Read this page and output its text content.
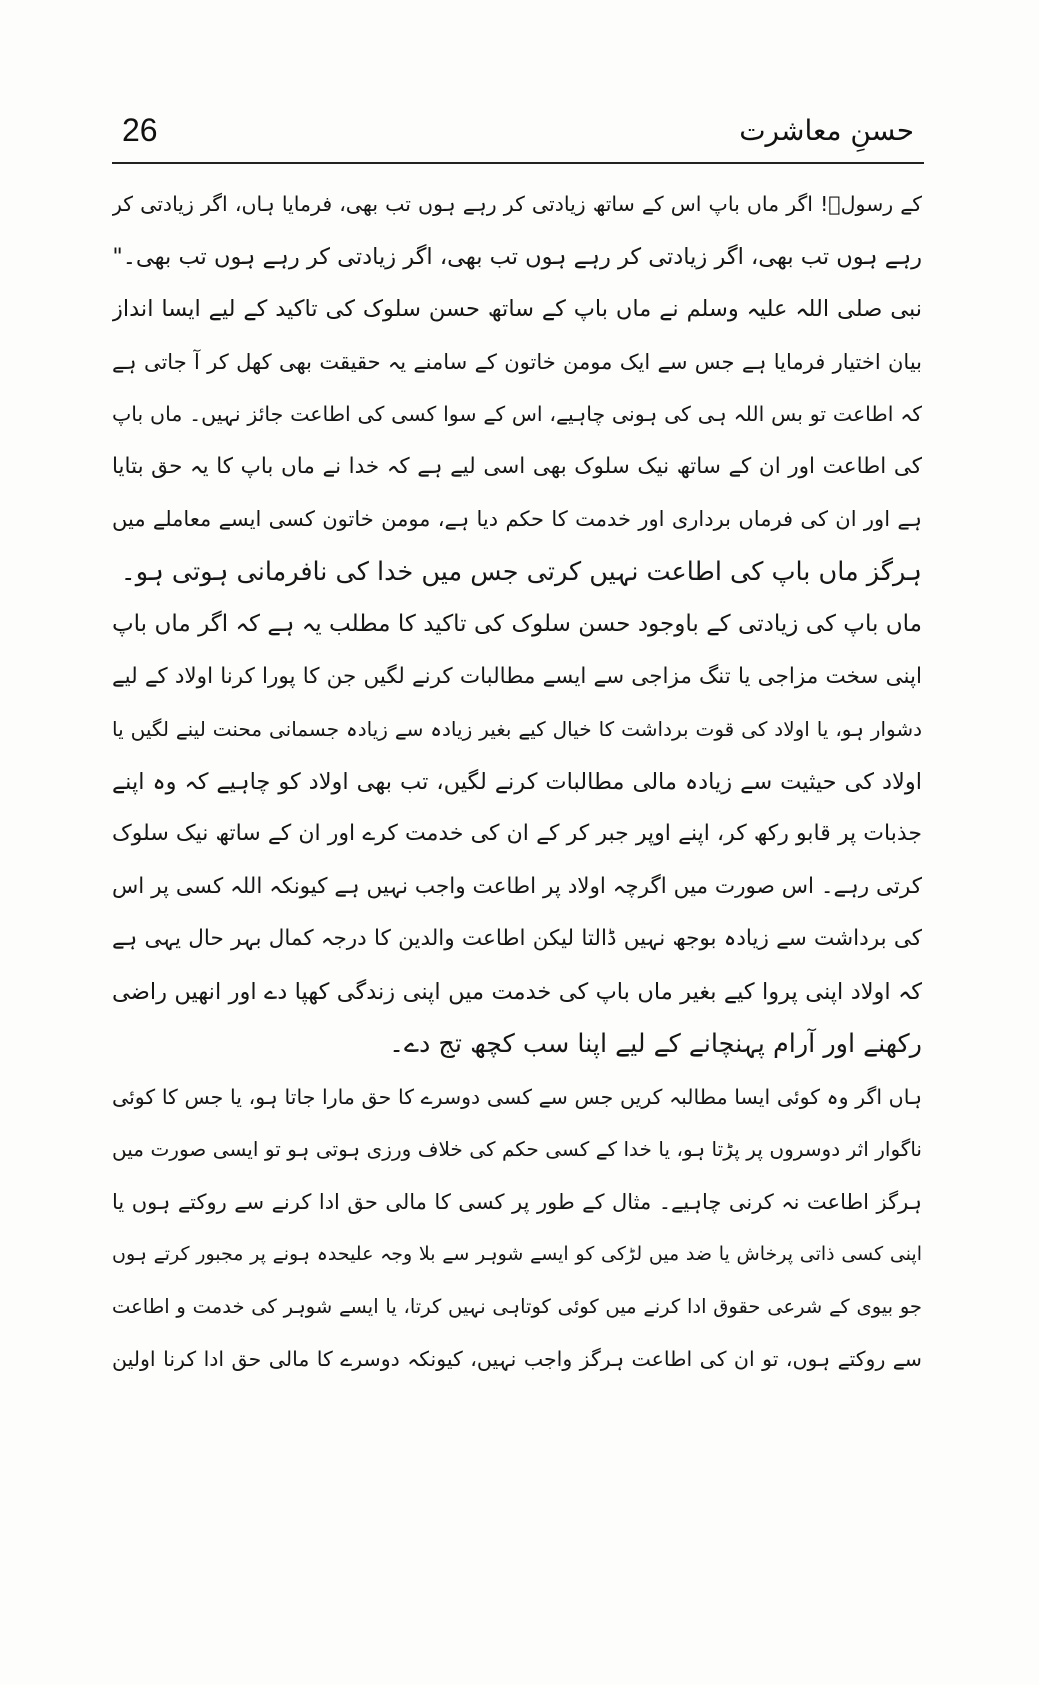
26	حسنِ معاشرت
کے رسولؐ! اگر ماں باپ اس کے ساتھ زیادتی کر رہے ہوں تب بھی، فرمایا ہاں، اگر زیادتی کر
رہے ہوں تب بھی، اگر زیادتی کر رہے ہوں تب بھی، اگر زیادتی کر رہے ہوں تب بھی۔"
نبی صلی اللہ علیہ وسلم نے ماں باپ کے ساتھ حسن سلوک کی تاکید کے لیے ایسا انداز
بیان اختیار فرمایا ہے جس سے ایک مومن خاتون کے سامنے یہ حقیقت بھی کھل کر آ جاتی ہے
کہ اطاعت تو بس اللہ ہی کی ہونی چاہیے، اس کے سوا کسی کی اطاعت جائز نہیں۔ ماں باپ
کی اطاعت اور ان کے ساتھ نیک سلوک بھی اسی لیے ہے کہ خدا نے ماں باپ کا یہ حق بتایا
ہے اور ان کی فرماں برداری اور خدمت کا حکم دیا ہے، مومن خاتون کسی ایسے معاملے میں
ہرگز ماں باپ کی اطاعت نہیں کرتی جس میں خدا کی نافرمانی ہوتی ہو۔
ماں باپ کی زیادتی کے باوجود حسن سلوک کی تاکید کا مطلب یہ ہے کہ اگر ماں باپ
اپنی سخت مزاجی یا تنگ مزاجی سے ایسے مطالبات کرنے لگیں جن کا پورا کرنا اولاد کے لیے
دشوار ہو، یا اولاد کی قوت برداشت کا خیال کیے بغیر زیادہ سے زیادہ جسمانی محنت لینے لگیں یا
اولاد کی حیثیت سے زیادہ مالی مطالبات کرنے لگیں، تب بھی اولاد کو چاہیے کہ وہ اپنے
جذبات پر قابو رکھ کر، اپنے اوپر جبر کر کے ان کی خدمت کرے اور ان کے ساتھ نیک سلوک
کرتی رہے۔ اس صورت میں اگرچہ اولاد پر اطاعت واجب نہیں ہے کیونکہ اللہ کسی پر اس
کی برداشت سے زیادہ بوجھ نہیں ڈالتا لیکن اطاعت والدین کا درجہ کمال بہر حال یہی ہے
کہ اولاد اپنی پروا کیے بغیر ماں باپ کی خدمت میں اپنی زندگی کھپا دے اور انھیں راضی
رکھنے اور آرام پہنچانے کے لیے اپنا سب کچھ تج دے۔
ہاں اگر وہ کوئی ایسا مطالبہ کریں جس سے کسی دوسرے کا حق مارا جاتا ہو، یا جس کا کوئی
ناگوار اثر دوسروں پر پڑتا ہو، یا خدا کے کسی حکم کی خلاف ورزی ہوتی ہو تو ایسی صورت میں
ہرگز اطاعت نہ کرنی چاہیے۔ مثال کے طور پر کسی کا مالی حق ادا کرنے سے روکتے ہوں یا
اپنی کسی ذاتی پرخاش یا ضد میں لڑکی کو ایسے شوہر سے بلا وجہ علیحدہ ہونے پر مجبور کرتے ہوں
جو بیوی کے شرعی حقوق ادا کرنے میں کوئی کوتاہی نہیں کرتا، یا ایسے شوہر کی خدمت و اطاعت
سے روکتے ہوں، تو ان کی اطاعت ہرگز واجب نہیں، کیونکہ دوسرے کا مالی حق ادا کرنا اولین
